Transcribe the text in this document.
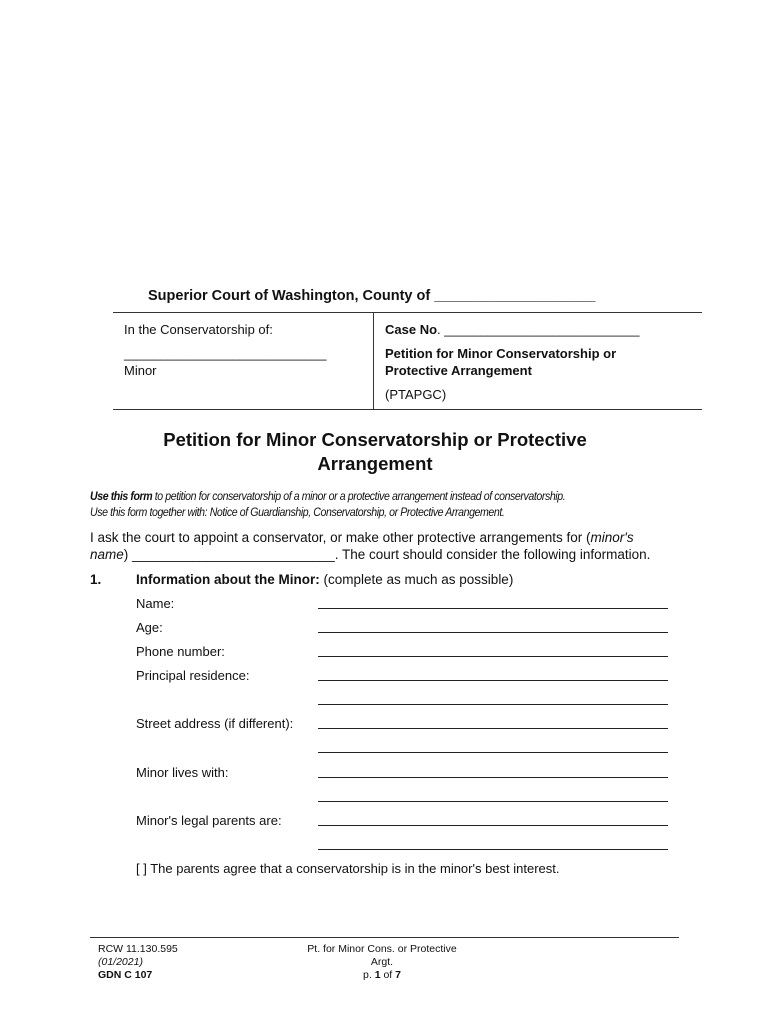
Superior Court of Washington, County of ____________________
In the Conservatorship of:
____________________________
Minor
Case No. ___________________________
Petition for Minor Conservatorship or
Protective Arrangement
(PTAPGC)
Petition for Minor Conservatorship or Protective
Arrangement
Use this form to petition for conservatorship of a minor or a protective arrangement instead of conservatorship.
Use this form together with: Notice of Guardianship, Conservatorship, or Protective Arrangement.
I ask the court to appoint a conservator, or make other protective arrangements for (minor's
name) ___________________________. The court should consider the following information.
1.	Information about the Minor: (complete as much as possible)
Name:
Age:
Phone number:
Principal residence:
Street address (if different):
Minor lives with:
Minor's legal parents are:
[ ] The parents agree that a conservatorship is in the minor's best interest.
RCW 11.130.595
(01/2021)
GDN C 107
Pt. for Minor Cons. or Protective
Argt.
p. 1 of 7
